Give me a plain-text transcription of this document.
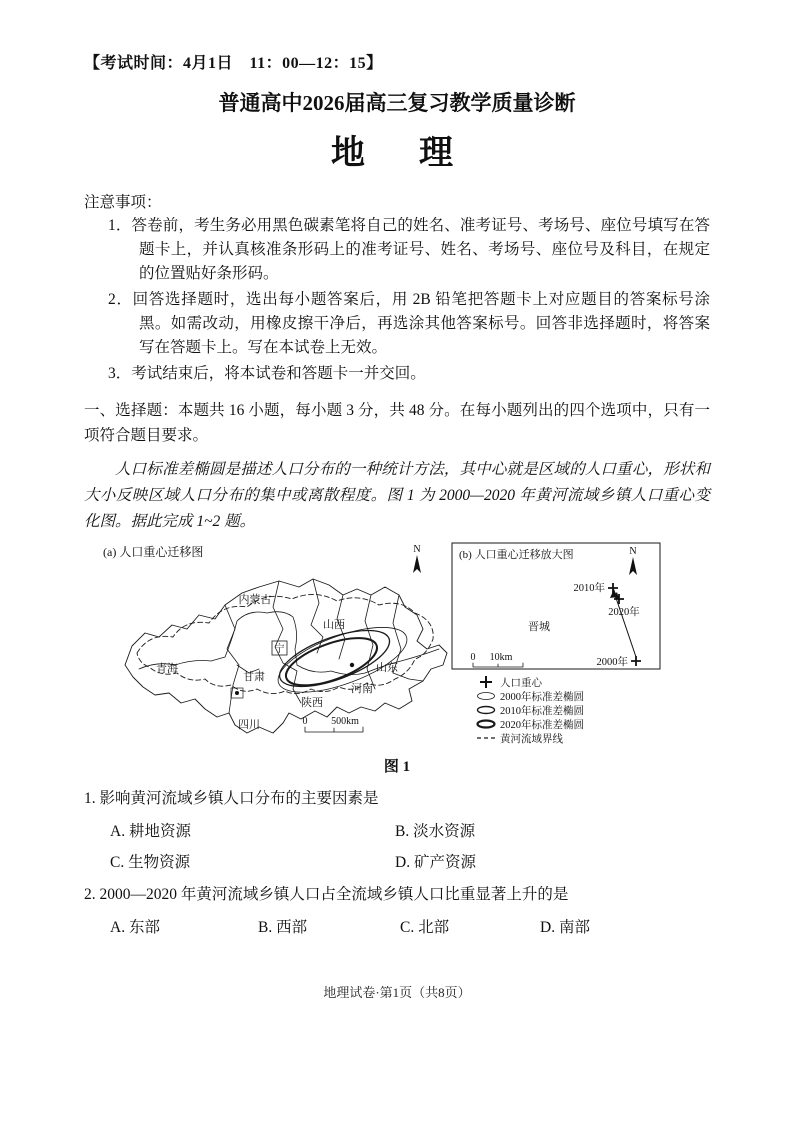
【考试时间：4月1日　11：00—12：15】
普通高中2026届高三复习教学质量诊断
地　理
注意事项：
1．答卷前，考生务必用黑色碳素笔将自己的姓名、准考证号、考场号、座位号填写在答题卡上，并认真核准条形码上的准考证号、姓名、考场号、座位号及科目，在规定的位置贴好条形码。
2．回答选择题时，选出每小题答案后，用 2B 铅笔把答题卡上对应题目的答案标号涂黑。如需改动，用橡皮擦干净后，再选涂其他答案标号。回答非选择题时，将答案写在答题卡上。写在本试卷上无效。
3．考试结束后，将本试卷和答题卡一并交回。
一、选择题：本题共 16 小题，每小题 3 分，共 48 分。在每小题列出的四个选项中，只有一项符合题目要求。
人口标准差椭圆是描述人口分布的一种统计方法，其中心就是区域的人口重心，形状和大小反映区域人口分布的集中或离散程度。图 1 为 2000—2020 年黄河流域乡镇人口重心变化图。据此完成 1~2 题。
(a) 人口重心迁移图	N
宁
内蒙古
山西
青海
甘肃
山东
河南
陕西
四川	0 500km
(b) 人口重心迁移放大图	N
2010年
2020年
2000年
晋城
0 10km
人口重心
2000年标准差椭圆
2010年标准差椭圆
2020年标准差椭圆
黄河流域界线
图 1
1. 影响黄河流域乡镇人口分布的主要因素是
A. 耕地资源	B. 淡水资源
C. 生物资源	D. 矿产资源
2. 2000—2020 年黄河流域乡镇人口占全流域乡镇人口比重显著上升的是
A. 东部	B. 西部	C. 北部	D. 南部
地理试卷·第1页（共8页）
